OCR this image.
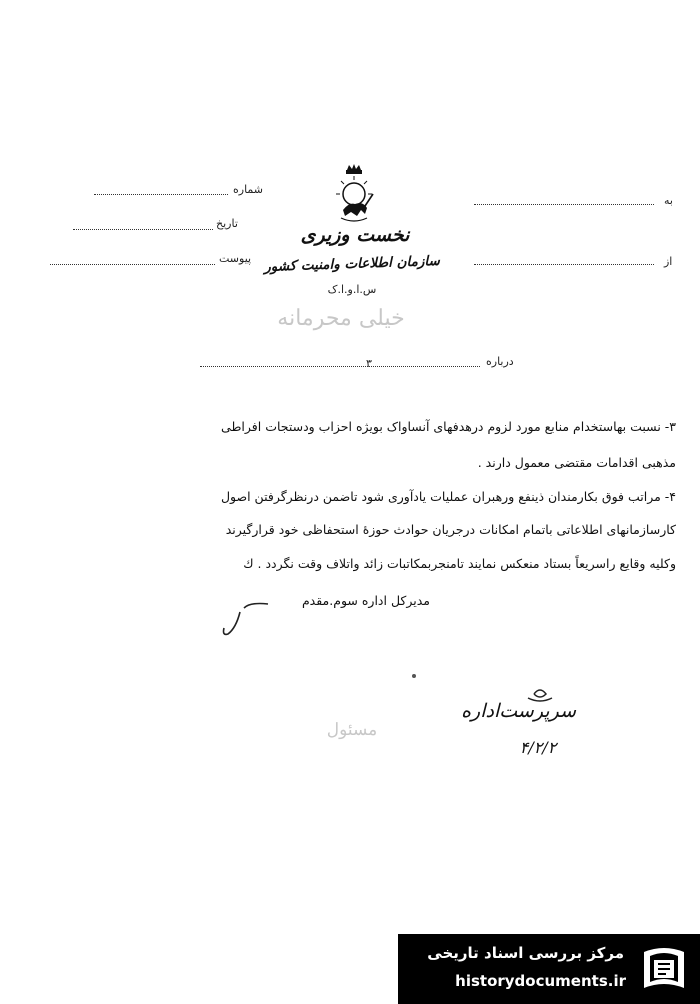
شماره
تاریخ
پیوست
به
از
نخست وزیری
سازمان اطلاعات وامنیت کشور
س.ا.و.ا.ک
خیلی محرمانه
درباره
۳
۳- نسبت بهاستخدام منابع مورد لزوم درهدفهای آنساواک بویژه احزاب ودستجات افراطی
مذهبی اقدامات مقتضی معمول دارند .
۴- مراتب فوق بکارمندان ذینفع ورهبران عملیات یادآوری شود تاضمن درنظرگرفتن اصول
کارسازمانهای اطلاعاتی باتمام امکانات درجریان حوادث حوزهٔ استحفاظی خود قرارگیرند
وکلیه وقایع راسریعاً بستاد منعکس نمایند تامنجربمکاتبات زائد واتلاف وقت نگردد . ك
مدیرکل اداره سوم.مقدم
سرپرست‌اداره
۴/۲/۲
مسئول
مرکز بررسی اسناد تاریخی
historydocuments.ir
